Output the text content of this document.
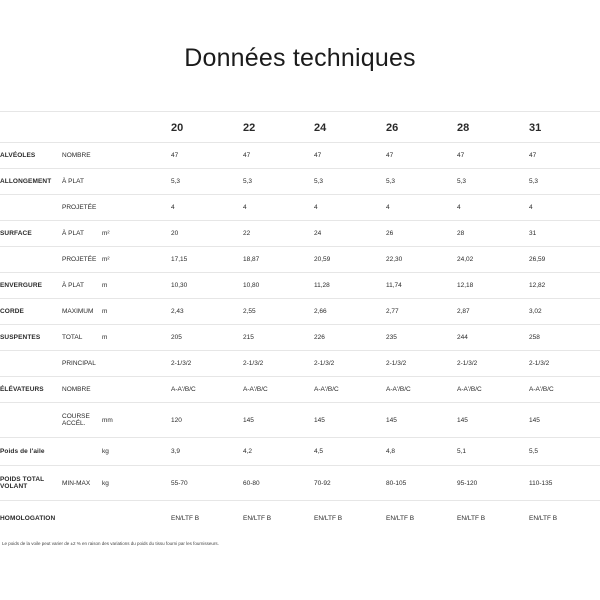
Données techniques
			20	22	24	26	28	31
ALVÉOLES	NOMBRE		47	47	47	47	47	47
ALLONGEMENT	À PLAT		5,3	5,3	5,3	5,3	5,3	5,3
	PROJETÉE		4	4	4	4	4	4
SURFACE	À PLAT	m²	20	22	24	26	28	31
	PROJETÉE	m²	17,15	18,87	20,59	22,30	24,02	26,59
ENVERGURE	À PLAT	m	10,30	10,80	11,28	11,74	12,18	12,82
CORDE	MAXIMUM	m	2,43	2,55	2,66	2,77	2,87	3,02
SUSPENTES	TOTAL	m	205	215	226	235	244	258
	PRINCIPAL		2-1/3/2	2-1/3/2	2-1/3/2	2-1/3/2	2-1/3/2	2-1/3/2
ÉLÉVATEURS	NOMBRE		A-A'/B/C	A-A'/B/C	A-A'/B/C	A-A'/B/C	A-A'/B/C	A-A'/B/C
	COURSE ACCÉL.	mm	120	145	145	145	145	145
Poids de l'aile		kg	3,9	4,2	4,5	4,8	5,1	5,5
POIDS TOTAL VOLANT	MIN-MAX	kg	55-70	60-80	70-92	80-105	95-120	110-135
HOMOLOGATION			EN/LTF B	EN/LTF B	EN/LTF B	EN/LTF B	EN/LTF B	EN/LTF B
Le poids de la voile peut varier de ±2 % en raison des variations du poids du tissu fourni par les fournisseurs.
